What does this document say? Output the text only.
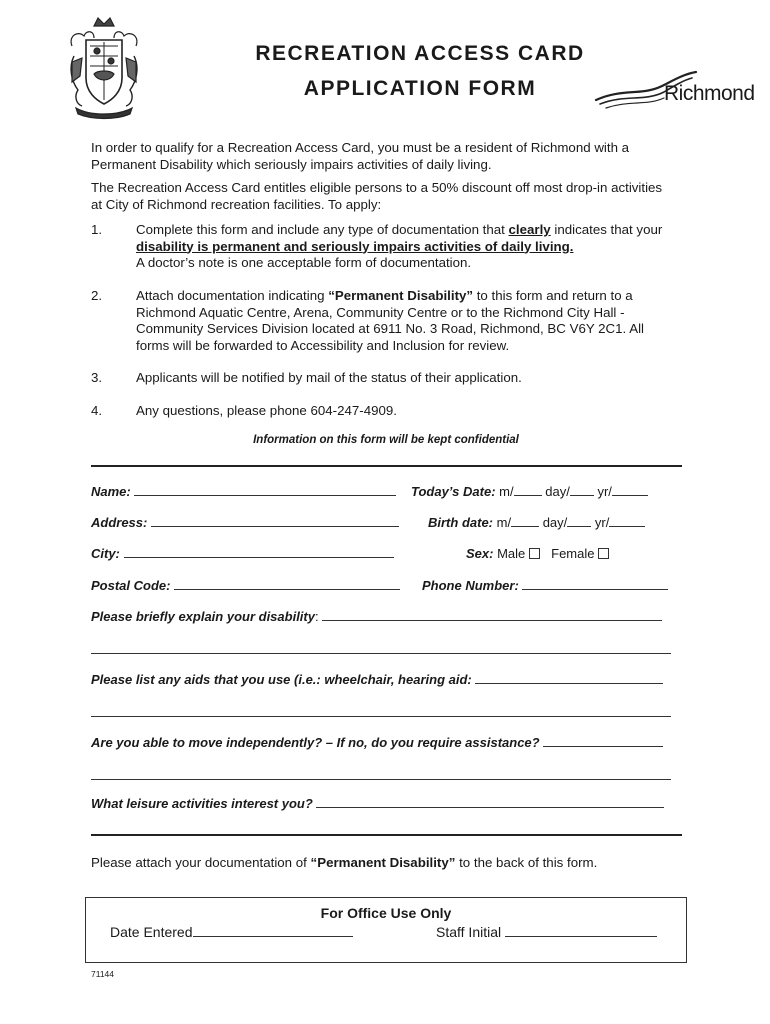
RECREATION ACCESS CARD
APPLICATION FORM	Richmond

In order to qualify for a Recreation Access Card, you must be a resident of Richmond with a Permanent Disability which seriously impairs activities of daily living.

The Recreation Access Card entitles eligible persons to a 50% discount off most drop-in activities at City of Richmond recreation facilities. To apply:

1.	Complete this form and include any type of documentation that clearly indicates that your disability is permanent and seriously impairs activities of daily living.
A doctor’s note is one acceptable form of documentation.
2.	Attach documentation indicating “Permanent Disability” to this form and return to a Richmond Aquatic Centre, Arena, Community Centre or to the Richmond City Hall - Community Services Division located at 6911 No. 3 Road, Richmond, BC V6Y 2C1. All forms will be forwarded to Accessibility and Inclusion for review.
3.	Applicants will be notified by mail of the status of their application.
4.	Any questions, please phone 604-247-4909.
Information on this form will be kept confidential
Name:	Today’s Date: m/ day/ yr/
Address:	Birth date: m/ day/ yr/
City:	Sex: Male Female
Postal Code:	Phone Number:
Please briefly explain your disability:
Please list any aids that you use (i.e.: wheelchair, hearing aid:
Are you able to move independently? – If no, do you require assistance?
What leisure activities interest you?

Please attach your documentation of “Permanent Disability” to the back of this form.

For Office Use Only
Date Entered	Staff Initial
71144
